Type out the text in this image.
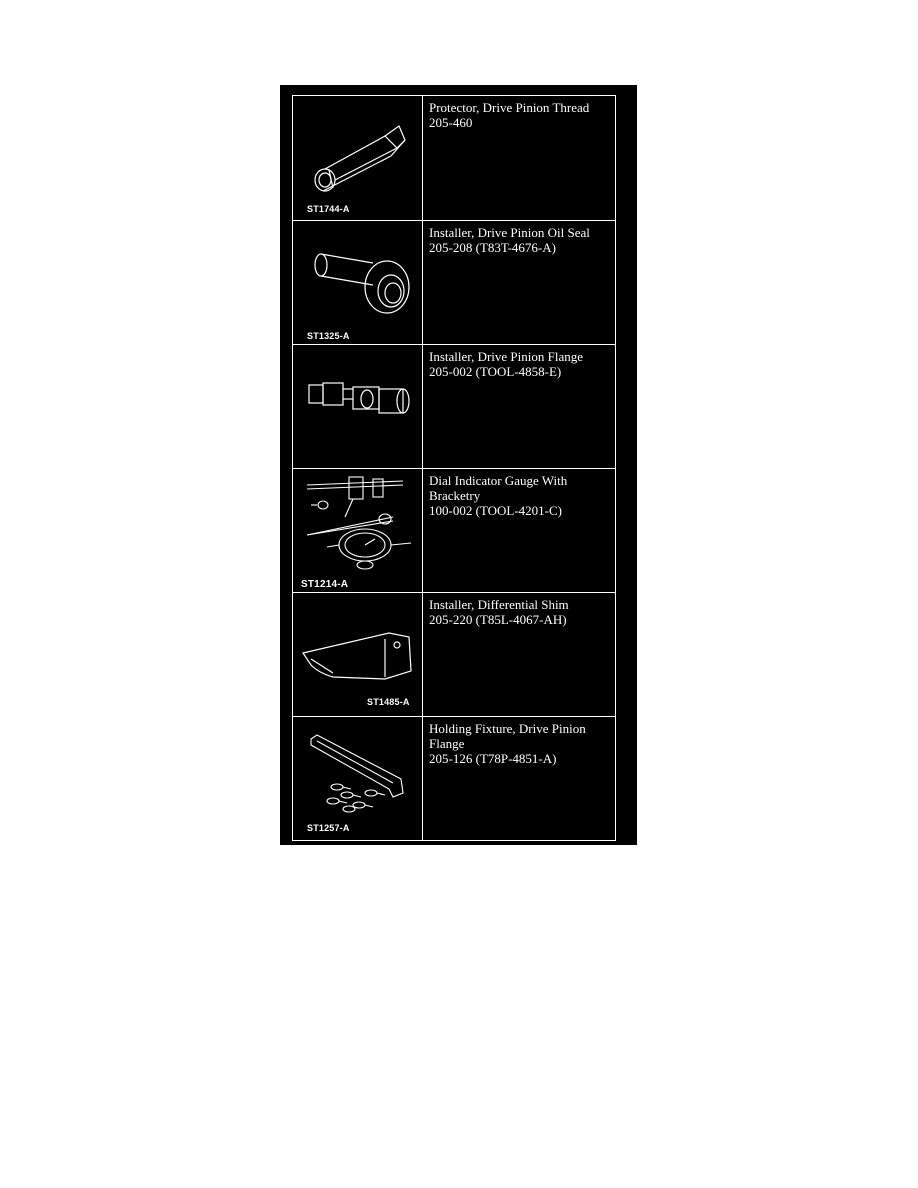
ST1744-A
Protector, Drive Pinion Thread
205-460
ST1325-A
Installer, Drive Pinion Oil Seal
205-208 (T83T-4676-A)
Installer, Drive Pinion Flange
205-002 (TOOL-4858-E)
ST1214-A
Dial Indicator Gauge With
Bracketry
100-002 (TOOL-4201-C)
ST1485-A
Installer, Differential Shim
205-220 (T85L-4067-AH)
ST1257-A
Holding Fixture, Drive Pinion
Flange
205-126 (T78P-4851-A)
